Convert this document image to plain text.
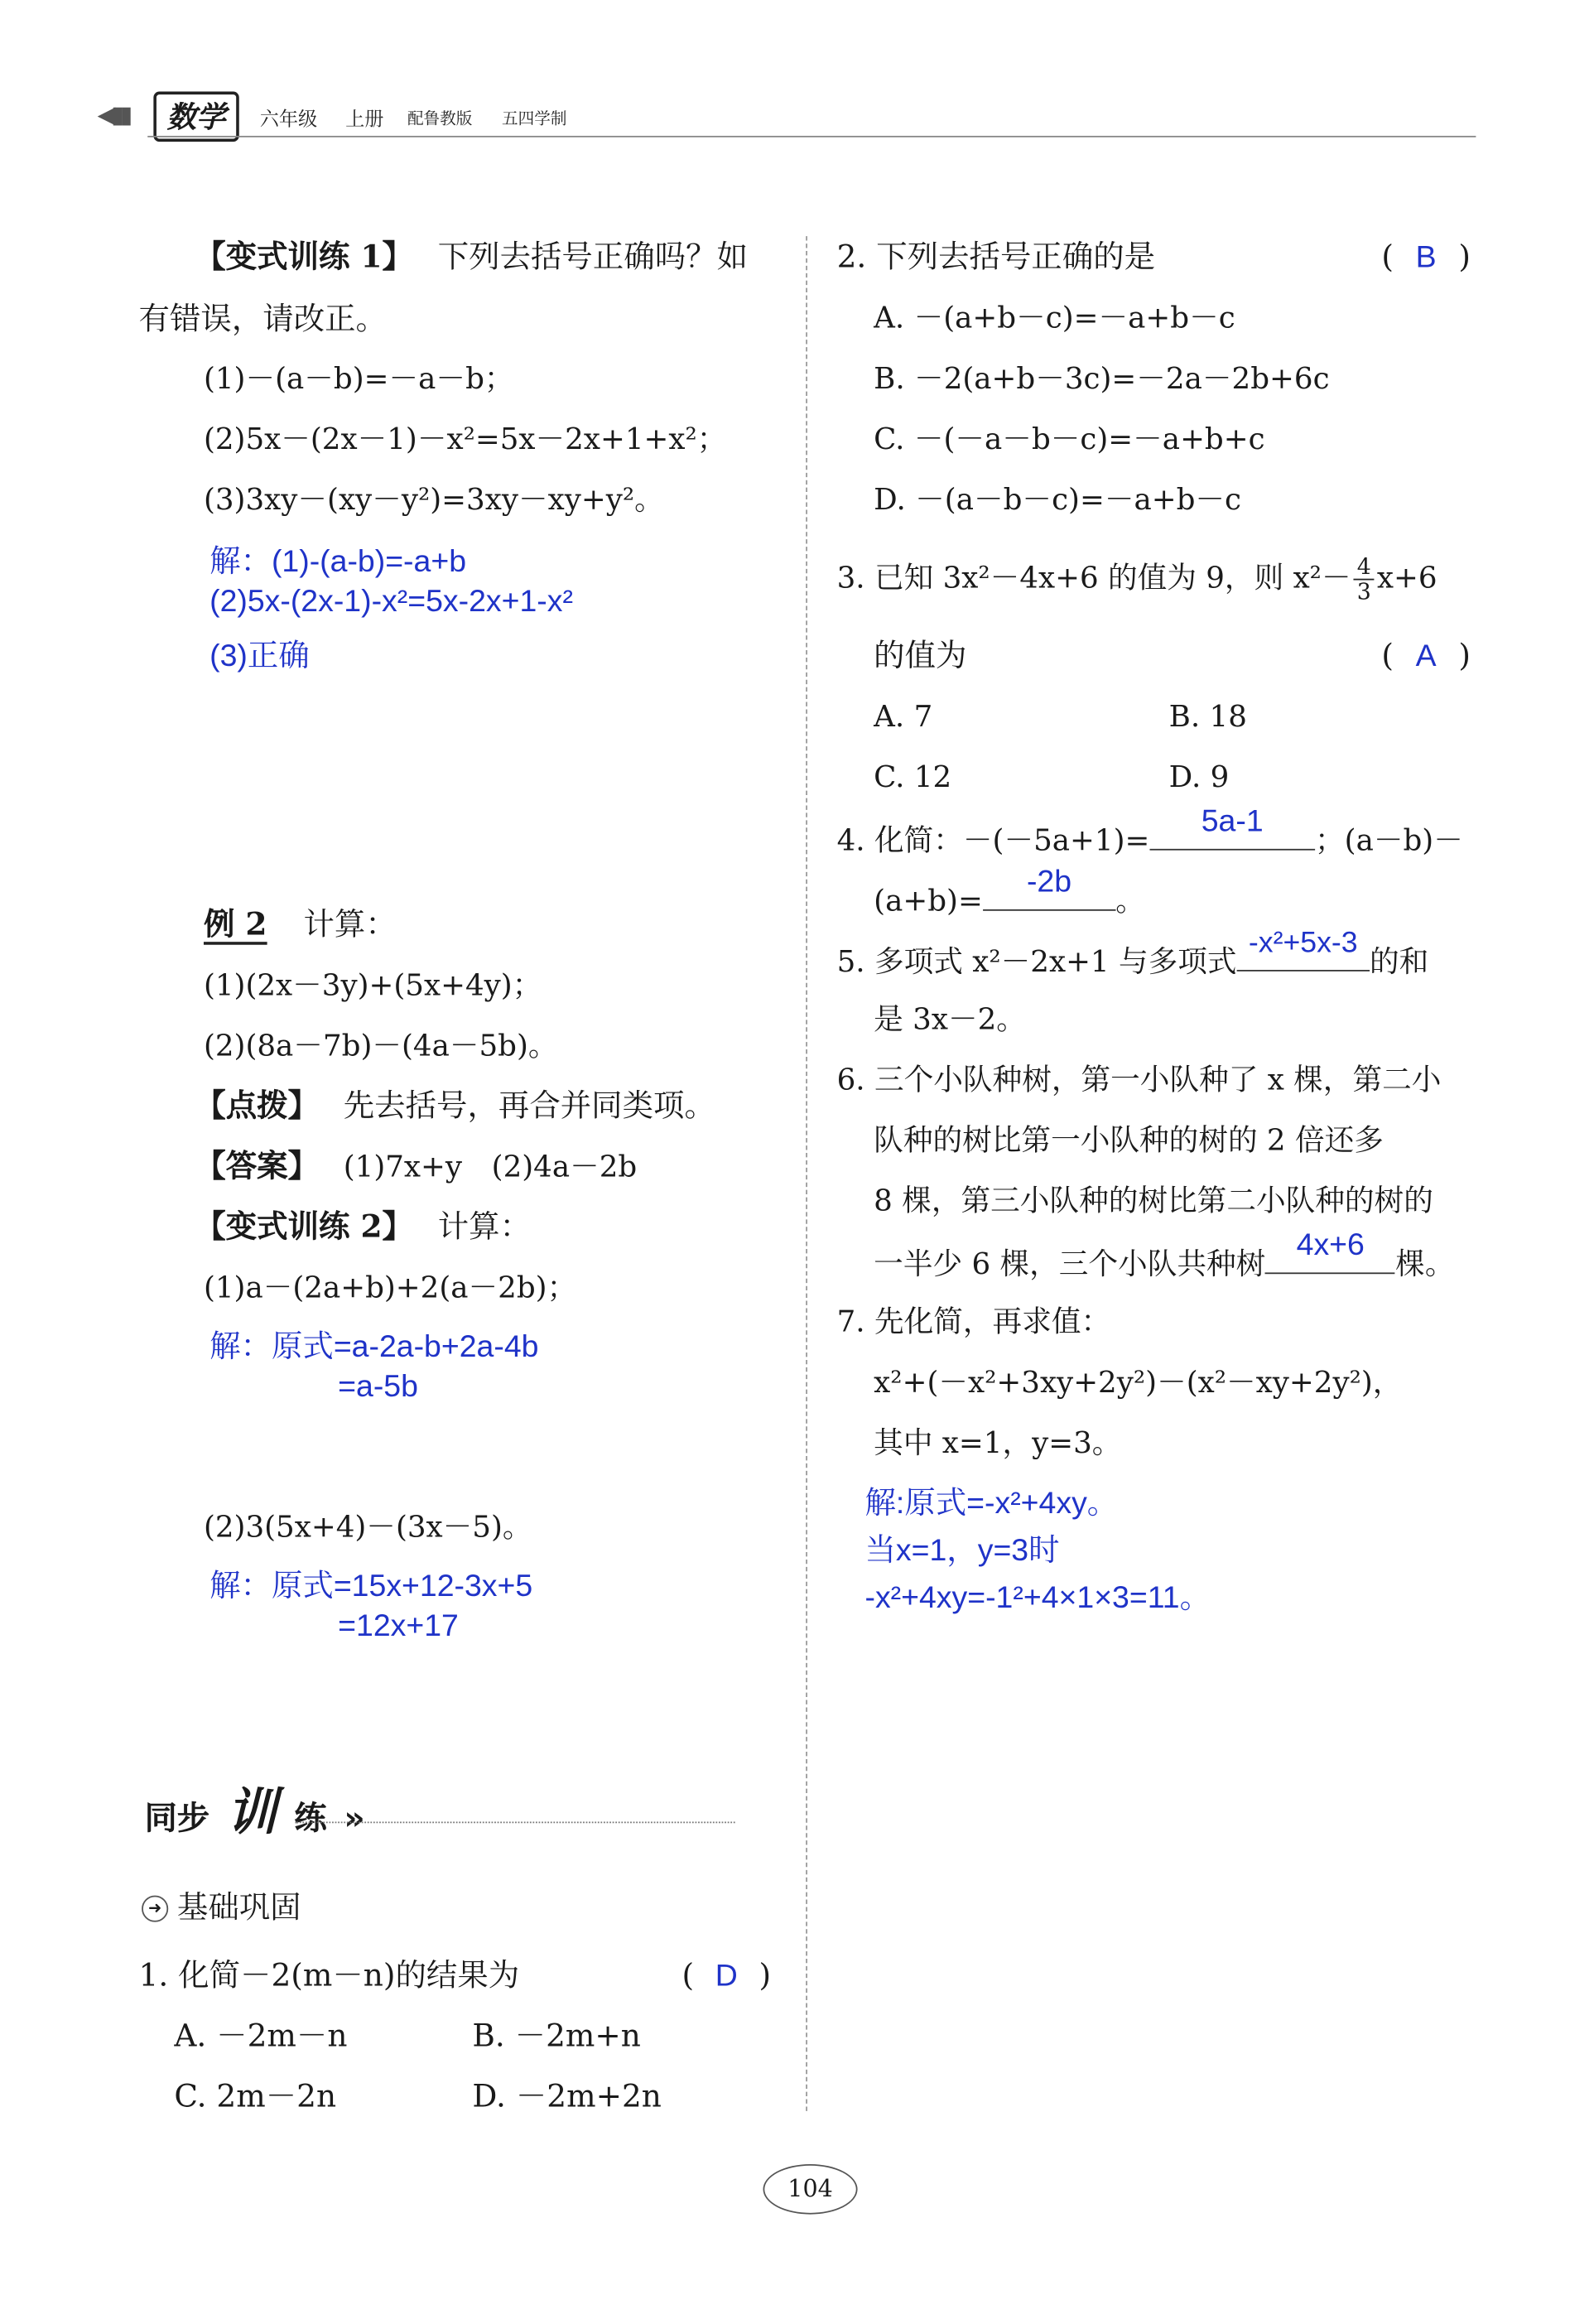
◀▮▮	数学	六年级	上册	配鲁教版	五四学制
【变式训练 1】 下列去括号正确吗？如
有错误，请改正。
(1)－(a－b)=－a－b；
(2)5x－(2x－1)－x²=5x－2x+1+x²；
(3)3xy－(xy－y²)=3xy－xy+y²。
解：(1)-(a-b)=-a+b
(2)5x-(2x-1)-x²=5x-2x+1-x²
(3)正确
例 2 计算：
(1)(2x－3y)+(5x+4y)；
(2)(8a－7b)－(4a－5b)。
【点拨】 先去括号，再合并同类项。
【答案】 (1)7x+y　(2)4a－2b
【变式训练 2】 计算：
(1)a－(2a+b)+2(a－2b)；
解：原式=a-2a-b+2a-4b
=a-5b
(2)3(5x+4)－(3x－5)。
解：原式=15x+12-3x+5
=12x+17
同步 训 练 »
➜ 基础巩固
1. 化简－2(m－n)的结果为	( D )
A. －2m－n	B. －2m+n
C. 2m－2n	D. －2m+2n
2. 下列去括号正确的是	( B )
A. －(a+b－c)=－a+b－c
B. －2(a+b－3c)=－2a－2b+6c
C. －(－a－b－c)=－a+b+c
D. －(a－b－c)=－a+b－c
3. 已知 3x²－4x+6 的值为 9，则 $x^2- \frac{4}{3} x+6$
的值为	( A )
A. 7	B. 18
C. 12	D. 9
4. 化简：－(－5a+1)=
5a-1
；(a－b)－
(a+b)=
-2b
。
5. 多项式 x²－2x+1 与多项式 -x²+5x-3 的和
是 3x－2。
6. 三个小队种树，第一小队种了 x 棵，第二小
队种的树比第一小队种的树的 2 倍还多
8 棵，第三小队种的树比第二小队种的树的
一半少 6 棵，三个小队共种树
4x+6
棵。
7. 先化简，再求值：
x²+(－x²+3xy+2y²)－(x²－xy+2y²)，
其中 x=1，y=3。
解:原式=-x²+4xy。
当x=1，y=3时
-x²+4xy=-1²+4×1×3=11。
104
